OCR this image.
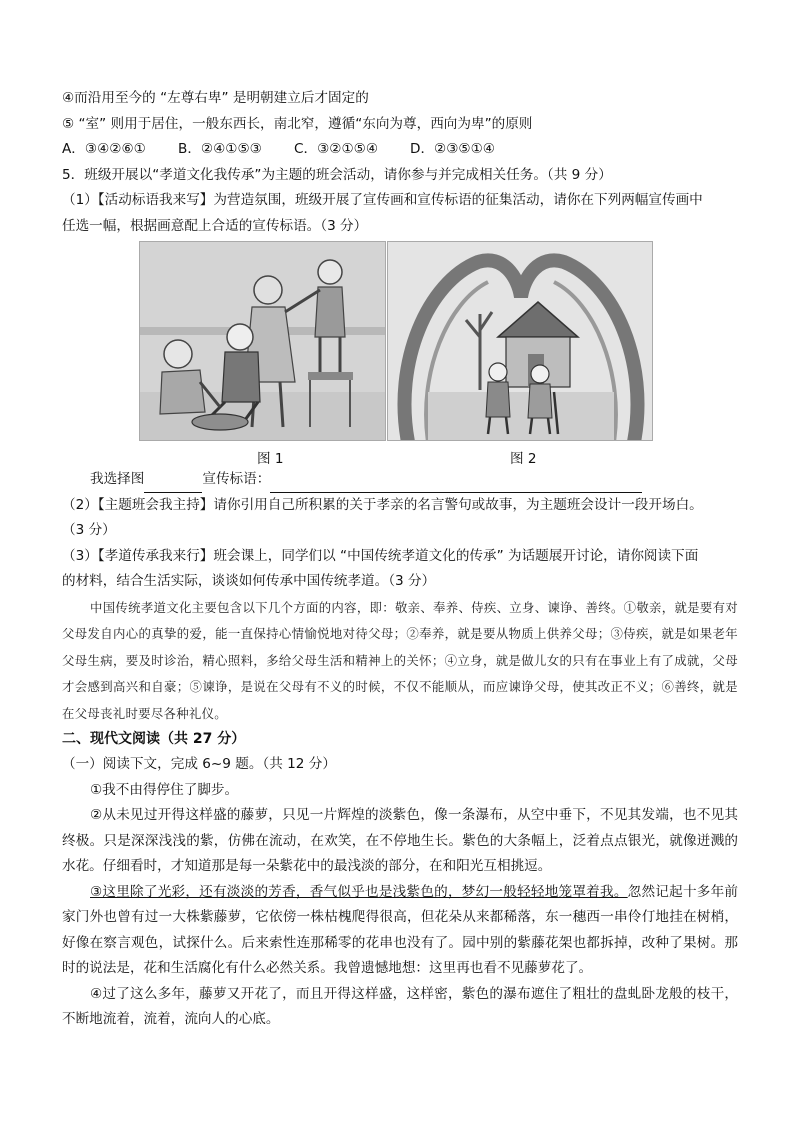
④而沿用至今的 “左尊右卑” 是明朝建立后才固定的
⑤ “室” 则用于居住，一般东西长，南北窄，遵循“东向为尊，西向为卑”的原则
A．③④②⑥① B．②④①⑤③ C．③②①⑤④ D．②③⑤①④
5．班级开展以“孝道文化我传承”为主题的班会活动，请你参与并完成相关任务。（共 9 分）
（1）【活动标语我来写】为营造氛围，班级开展了宣传画和宣传标语的征集活动，请你在下列两幅宣传画中
任选一幅，根据画意配上合适的宣传标语。（3 分）
图 1	图 2
我选择图	宣传标语：
（2）【主题班会我主持】请你引用自己所积累的关于孝亲的名言警句或故事，为主题班会设计一段开场白。
（3 分）
（3）【孝道传承我来行】班会课上，同学们以 “中国传统孝道文化的传承” 为话题展开讨论，请你阅读下面
的材料，结合生活实际，谈谈如何传承中国传统孝道。（3 分）
中国传统孝道文化主要包含以下几个方面的内容，即：敬亲、奉养、侍疾、立身、谏诤、善终。①敬亲，就是要有对父母发自内心的真挚的爱，能一直保持心情愉悦地对待父母；②奉养，就是要从物质上供养父母；③侍疾，就是如果老年父母生病，要及时诊治，精心照料，多给父母生活和精神上的关怀；④立身，就是做儿女的只有在事业上有了成就，父母才会感到高兴和自豪；⑤谏诤，是说在父母有不义的时候，不仅不能顺从，而应谏诤父母，使其改正不义；⑥善终，就是在父母丧礼时要尽各种礼仪。
二、现代文阅读（共 27 分）
（一）阅读下文，完成 6~9 题。（共 12 分）
①我不由得停住了脚步。
②从未见过开得这样盛的藤萝，只见一片辉煌的淡紫色，像一条瀑布，从空中垂下，不见其发端，也不见其终极。只是深深浅浅的紫，仿佛在流动，在欢笑，在不停地生长。紫色的大条幅上，泛着点点银光，就像迸溅的水花。仔细看时，才知道那是每一朵紫花中的最浅淡的部分，在和阳光互相挑逗。
③这里除了光彩，还有淡淡的芳香，香气似乎也是浅紫色的，梦幻一般轻轻地笼罩着我。忽然记起十多年前家门外也曾有过一大株紫藤萝，它依傍一株枯槐爬得很高，但花朵从来都稀落，东一穗西一串伶仃地挂在树梢，好像在察言观色，试探什么。后来索性连那稀零的花串也没有了。园中别的紫藤花架也都拆掉，改种了果树。那时的说法是，花和生活腐化有什么必然关系。我曾遗憾地想：这里再也看不见藤萝花了。
④过了这么多年，藤萝又开花了，而且开得这样盛，这样密，紫色的瀑布遮住了粗壮的盘虬卧龙般的枝干，不断地流着，流着，流向人的心底。
